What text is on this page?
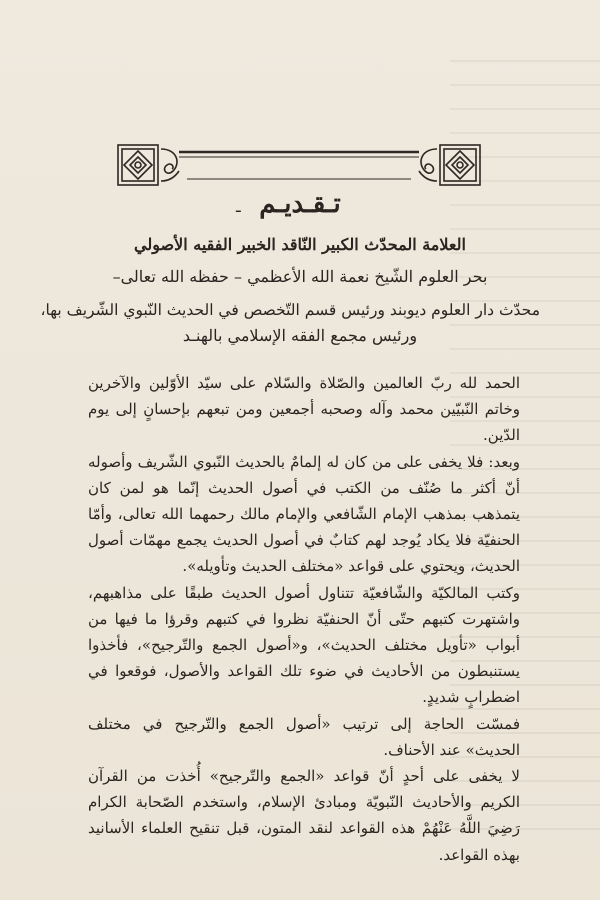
تـقـديـم
ـ
العلامة المحدّث الكبير النّاقد الخبير الفقيه الأصولي
بحر العلوم الشّيخ نعمة الله الأعظمي – حفظه الله تعالى–
محدّث دار العلوم ديوبند ورئيس قسم التّخصص في الحديث النّبوي الشّريف بها،
ورئيس مجمع الفقه الإسلامي بالهنـد

الحمد لله ربّ العالمين والصّلاة والسّلام على سيّد الأوّلين والآخرين وخاتم النّبيّين محمد وآله وصحبه أجمعين ومن تبعهم بإحسانٍ إلى يوم الدّين.

وبعد: فلا يخفى على من كان له إلمامٌ بالحديث النّبوي الشّريف وأصوله أنّ أكثر ما صُنّف من الكتب في أصول الحديث إنّما هو لمن كان يتمذهب بمذهب الإمام الشّافعي والإمام مالك رحمهما الله تعالى، وأمّا الحنفيّة فلا يكاد يُوجد لهم كتابٌ في أصول الحديث يجمع مهمّات أصول الحديث، ويحتوي على قواعد «مختلف الحديث وتأويله».

وكتب المالكيّة والشّافعيّة تتناول أصول الحديث طبقًا على مذاهبهم، واشتهرت كتبهم حتّى أنّ الحنفيّة نظروا في كتبهم وقرؤا ما فيها من أبواب «تأويل مختلف الحديث»، و«أصول الجمع والتّرجيح»، فأخذوا يستنبطون من الأحاديث في ضوء تلك القواعد والأصول، فوقعوا في اضطرابٍ شديدٍ.

فمسّت الحاجة إلى ترتيب «أصول الجمع والتّرجيح في مختلف الحديث» عند الأحناف.

لا يخفى على أحدٍ أنّ قواعد «الجمع والتّرجيح» أُخذت من القرآن الكريم والأحاديث النّبويّة ومبادئ الإسلام، واستخدم الصّحابة الكرام رَضِيَ اللَّهُ عَنْهُمْ هذه القواعد لنقد المتون، قبل تنقيح العلماء الأسانيد بهذه القواعد.
